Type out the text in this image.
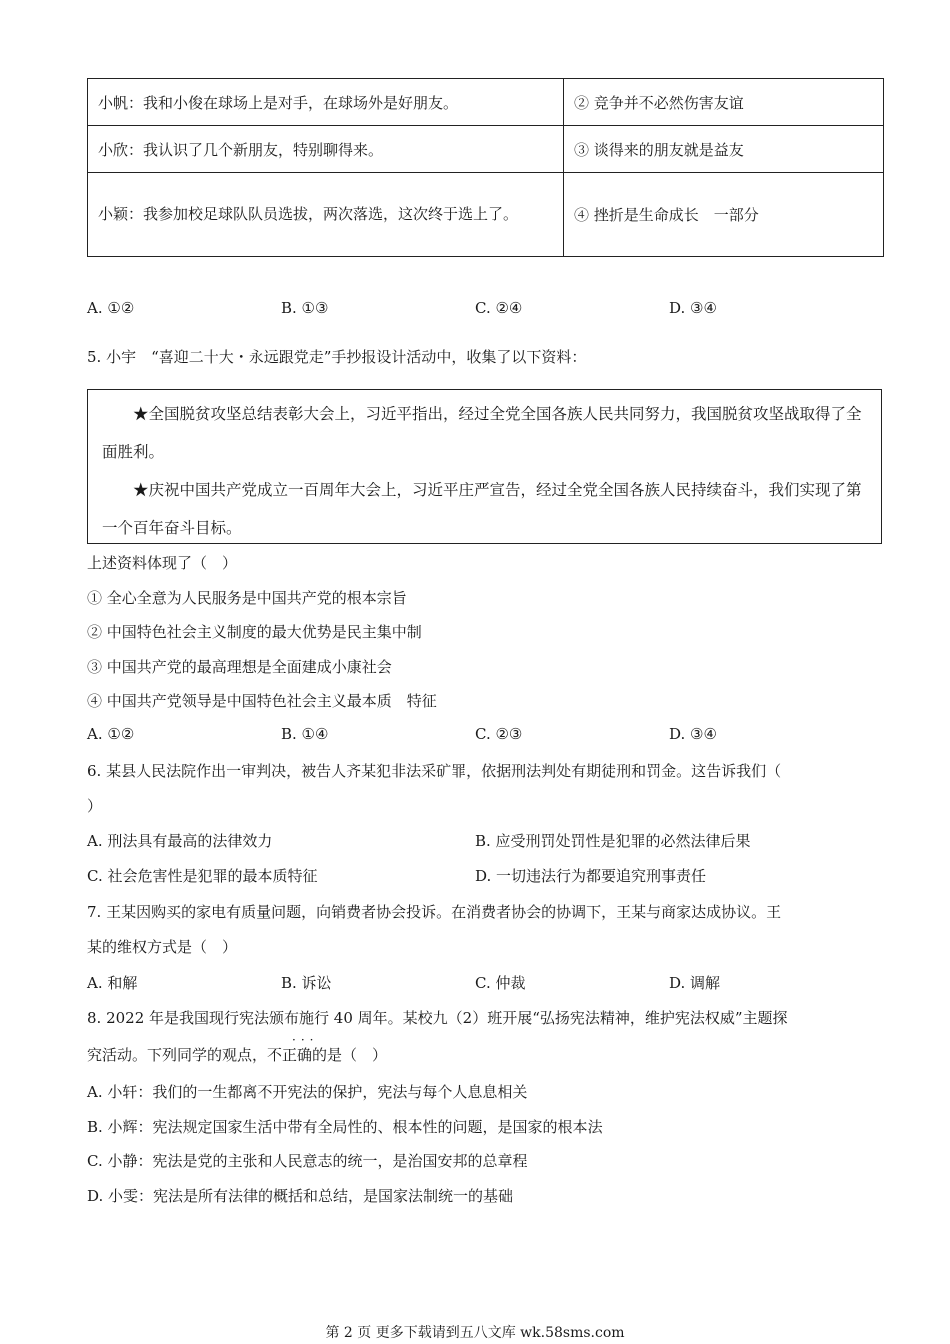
小帆：我和小俊在球场上是对手，在球场外是好朋友。	② 竞争并不必然伤害友谊
小欣：我认识了几个新朋友，特别聊得来。	③ 谈得来的朋友就是益友

小颖：我参加校足球队队员选拔，两次落选，这次终于选上了。	④ 挫折是生命成长　一部分
A. ①②	B. ①③	C. ②④	D. ③④
5. 小宇　“喜迎二十大・永远跟党走”手抄报设计活动中，收集了以下资料：

★全国脱贫攻坚总结表彰大会上，习近平指出，经过全党全国各族人民共同努力，我国脱贫攻坚战取得了全面胜利。

★庆祝中国共产党成立一百周年大会上，习近平庄严宣告，经过全党全国各族人民持续奋斗，我们实现了第一个百年奋斗目标。

上述资料体现了（　）
① 全心全意为人民服务是中国共产党的根本宗旨
② 中国特色社会主义制度的最大优势是民主集中制
③ 中国共产党的最高理想是全面建成小康社会
④ 中国共产党领导是中国特色社会主义最本质　特征
A. ①②	B. ①④	C. ②③	D. ③④
6. 某县人民法院作出一审判决，被告人齐某犯非法采矿罪，依据刑法判处有期徒刑和罚金。这告诉我们（
）
A. 刑法具有最高的法律效力	B. 应受刑罚处罚性是犯罪的必然法律后果
C. 社会危害性是犯罪的最本质特征	D. 一切违法行为都要追究刑事责任
7. 王某因购买的家电有质量问题，向销费者协会投诉。在消费者协会的协调下，王某与商家达成协议。王
某的维权方式是（　）
A. 和解	B. 诉讼	C. 仲裁	D. 调解
8. 2022 年是我国现行宪法颁布施行 40 周年。某校九（2）班开展“弘扬宪法精神，维护宪法权威”主题探
···
究活动。下列同学的观点，不正确的是（　）
A. 小轩：我们的一生都离不开宪法的保护，宪法与每个人息息相关
B. 小辉：宪法规定国家生活中带有全局性的、根本性的问题，是国家的根本法
C. 小静：宪法是党的主张和人民意志的统一，是治国安邦的总章程
D. 小雯：宪法是所有法律的概括和总结，是国家法制统一的基础
第 2 页 更多下载请到五八文库 wk.58sms.com
